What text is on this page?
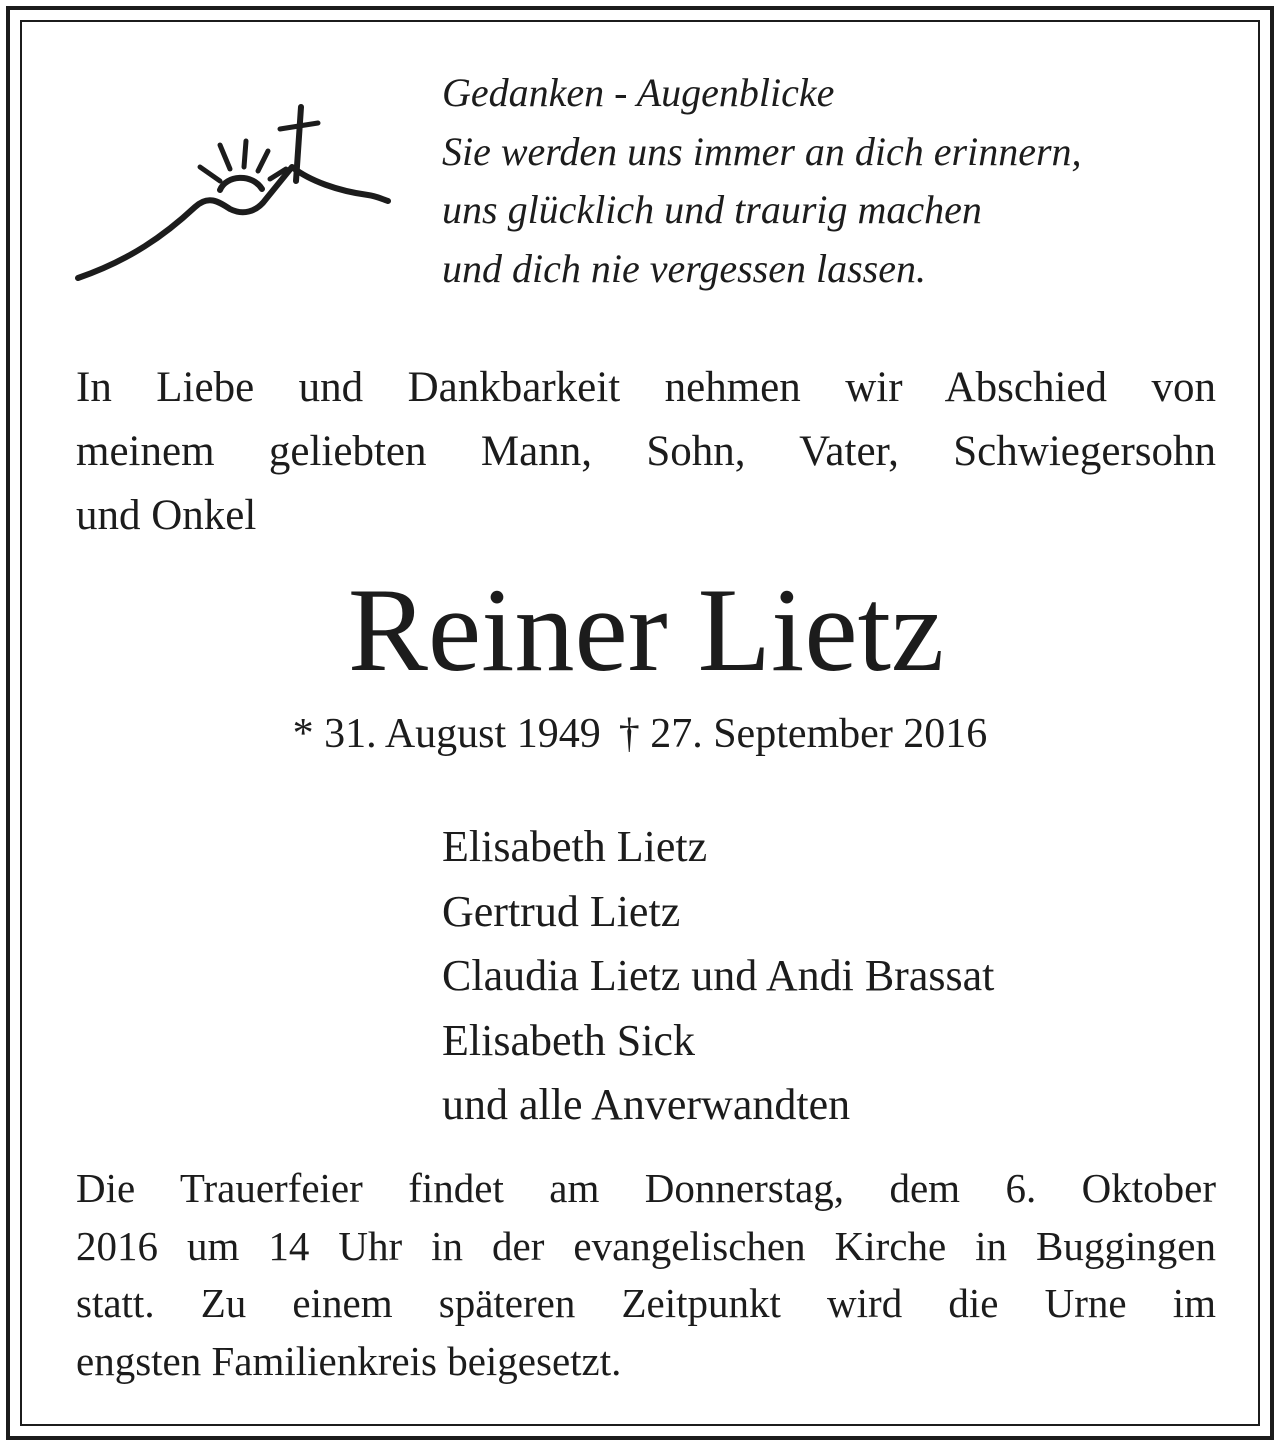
Gedanken - Augenblicke
Sie werden uns immer an dich erinnern,
uns glücklich und traurig machen
und dich nie vergessen lassen.
In Liebe und Dankbarkeit nehmen wir Abschied von
meinem geliebten Mann, Sohn, Vater, Schwiegersohn
und Onkel
Reiner Lietz
* 31. August 1949 † 27. September 2016
Elisabeth Lietz
Gertrud Lietz
Claudia Lietz und Andi Brassat
Elisabeth Sick
und alle Anverwandten
Die Trauerfeier findet am Donnerstag, dem 6. Oktober
2016 um 14 Uhr in der evangelischen Kirche in Buggingen
statt. Zu einem späteren Zeitpunkt wird die Urne im
engsten Familienkreis beigesetzt.
